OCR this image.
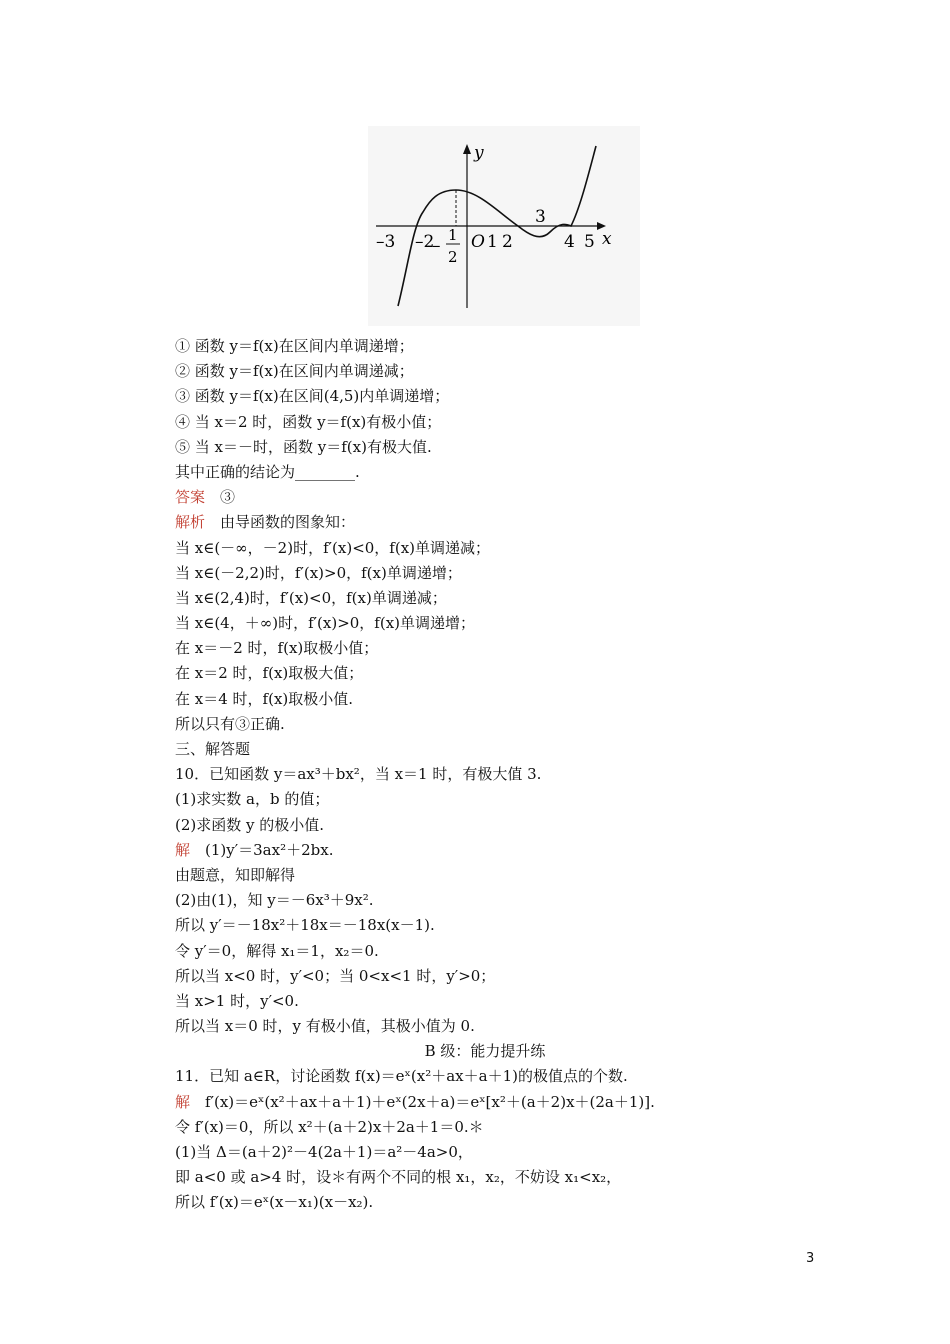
y
x
–3 –2
–
1
2
O 1 2	4 5
3
① 函数 y＝f(x)在区间内单调递增；
② 函数 y＝f(x)在区间内单调递减；
③ 函数 y＝f(x)在区间(4,5)内单调递增；
④ 当 x＝2 时，函数 y＝f(x)有极小值；
⑤ 当 x＝－时，函数 y＝f(x)有极大值.
其中正确的结论为________.
答案　③
解析　由导函数的图象知：
当 x∈(－∞，－2)时，f′(x)<0，f(x)单调递减；
当 x∈(－2,2)时，f′(x)>0，f(x)单调递增；
当 x∈(2,4)时，f′(x)<0，f(x)单调递减；
当 x∈(4，＋∞)时，f′(x)>0，f(x)单调递增；
在 x＝－2 时，f(x)取极小值；
在 x＝2 时，f(x)取极大值；
在 x＝4 时，f(x)取极小值.
所以只有③正确.
三、解答题
10．已知函数 y＝ax³＋bx²，当 x＝1 时，有极大值 3.
(1)求实数 a，b 的值；
(2)求函数 y 的极小值.
解　(1)y′＝3ax²＋2bx.
由题意，知即解得
(2)由(1)，知 y＝－6x³＋9x².
所以 y′＝－18x²＋18x＝－18x(x－1).
令 y′＝0，解得 x₁＝1，x₂＝0.
所以当 x<0 时，y′<0；当 0<x<1 时，y′>0；
当 x>1 时，y′<0.
所以当 x＝0 时，y 有极小值，其极小值为 0.
B 级：能力提升练
11．已知 a∈R，讨论函数 f(x)＝eˣ(x²＋ax＋a＋1)的极值点的个数.
解　f′(x)＝eˣ(x²＋ax＋a＋1)＋eˣ(2x＋a)＝eˣ[x²＋(a＋2)x＋(2a＋1)].
令 f′(x)＝0，所以 x²＋(a＋2)x＋2a＋1＝0.＊
(1)当 Δ＝(a＋2)²－4(2a＋1)＝a²－4a>0，
即 a<0 或 a>4 时，设＊有两个不同的根 x₁，x₂，不妨设 x₁<x₂，
所以 f′(x)＝eˣ(x－x₁)(x－x₂).
3
